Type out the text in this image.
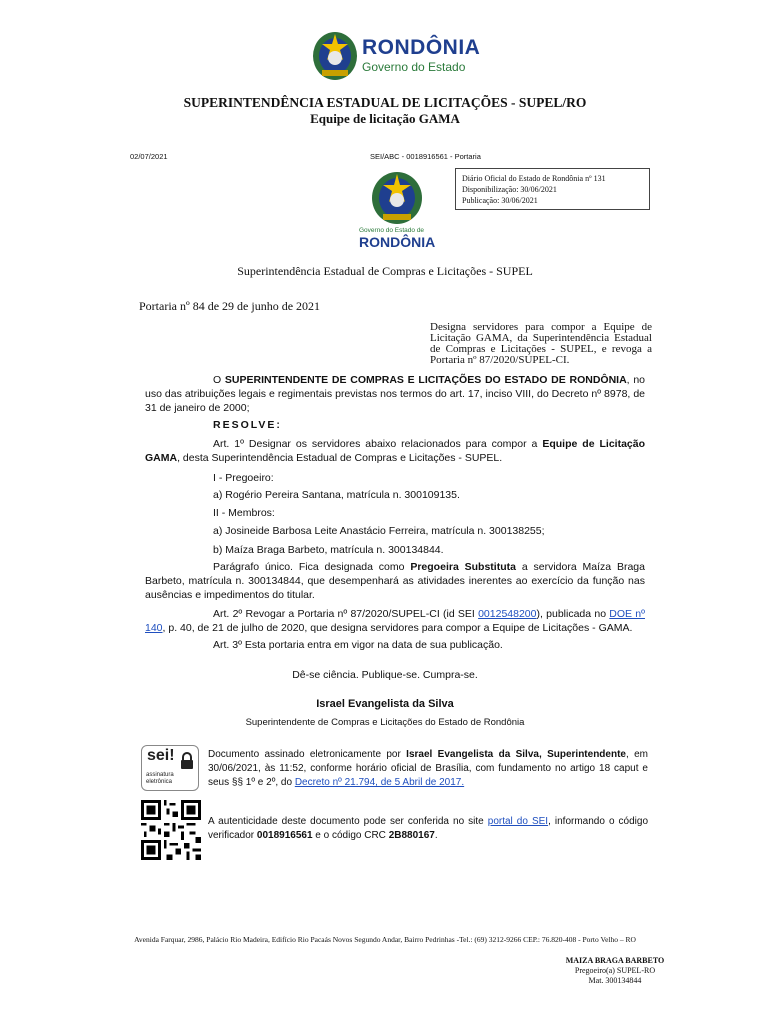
RONDÔNIA
Governo do Estado
SUPERINTENDÊNCIA ESTADUAL DE LICITAÇÕES - SUPEL/RO
Equipe de licitação GAMA
02/07/2021	SEI/ABC - 0018916561 - Portaria
Diário Oficial do Estado de Rondônia nº 131
Disponibilização: 30/06/2021
Publicação: 30/06/2021
Governo do Estado de
RONDÔNIA
Superintendência Estadual de Compras e Licitações - SUPEL
Portaria nº 84 de 29 de junho de 2021
Designa servidores para compor a Equipe de Licitação GAMA, da Superintendência Estadual de Compras e Licitações - SUPEL, e revoga a Portaria nº 87/2020/SUPEL-CI.
O SUPERINTENDENTE DE COMPRAS E LICITAÇÕES DO ESTADO DE RONDÔNIA, no uso das atribuições legais e regimentais previstas nos termos do art. 17, inciso VIII, do Decreto nº 8978, de 31 de janeiro de 2000;
RESOLVE:
Art. 1º Designar os servidores abaixo relacionados para compor a Equipe de Licitação GAMA, desta Superintendência Estadual de Compras e Licitações - SUPEL.
I - Pregoeiro:
a) Rogério Pereira Santana, matrícula n. 300109135.
II - Membros:
a) Josineide Barbosa Leite Anastácio Ferreira, matrícula n. 300138255;
b) Maíza Braga Barbeto, matrícula n. 300134844.
Parágrafo único. Fica designada como Pregoeira Substituta a servidora Maíza Braga Barbeto, matrícula n. 300134844, que desempenhará as atividades inerentes ao exercício da função nas ausências e impedimentos do titular.
Art. 2º Revogar a Portaria nº 87/2020/SUPEL-CI (id SEI 0012548200), publicada no DOE nº 140, p. 40, de 21 de julho de 2020, que designa servidores para compor a Equipe de Licitações - GAMA.
Art. 3º Esta portaria entra em vigor na data de sua publicação.
Dê-se ciência. Publique-se. Cumpra-se.
Israel Evangelista da Silva
Superintendente de Compras e Licitações do Estado de Rondônia
sei!
assinatura eletrônica
Documento assinado eletronicamente por Israel Evangelista da Silva, Superintendente, em 30/06/2021, às 11:52, conforme horário oficial de Brasília, com fundamento no artigo 18 caput e seus §§ 1º e 2º, do Decreto nº 21.794, de 5 Abril de 2017.
A autenticidade deste documento pode ser conferida no site portal do SEI, informando o código verificador 0018916561 e o código CRC 2B880167.
Avenida Farquar, 2986, Palácio Rio Madeira, Edifício Rio Pacaás Novos Segundo Andar, Bairro Pedrinhas -Tel.: (69) 3212-9266 CEP.: 76.820-408 - Porto Velho – RO
MAIZA BRAGA BARBETO
Pregoeiro(a) SUPEL-RO
Mat. 300134844
